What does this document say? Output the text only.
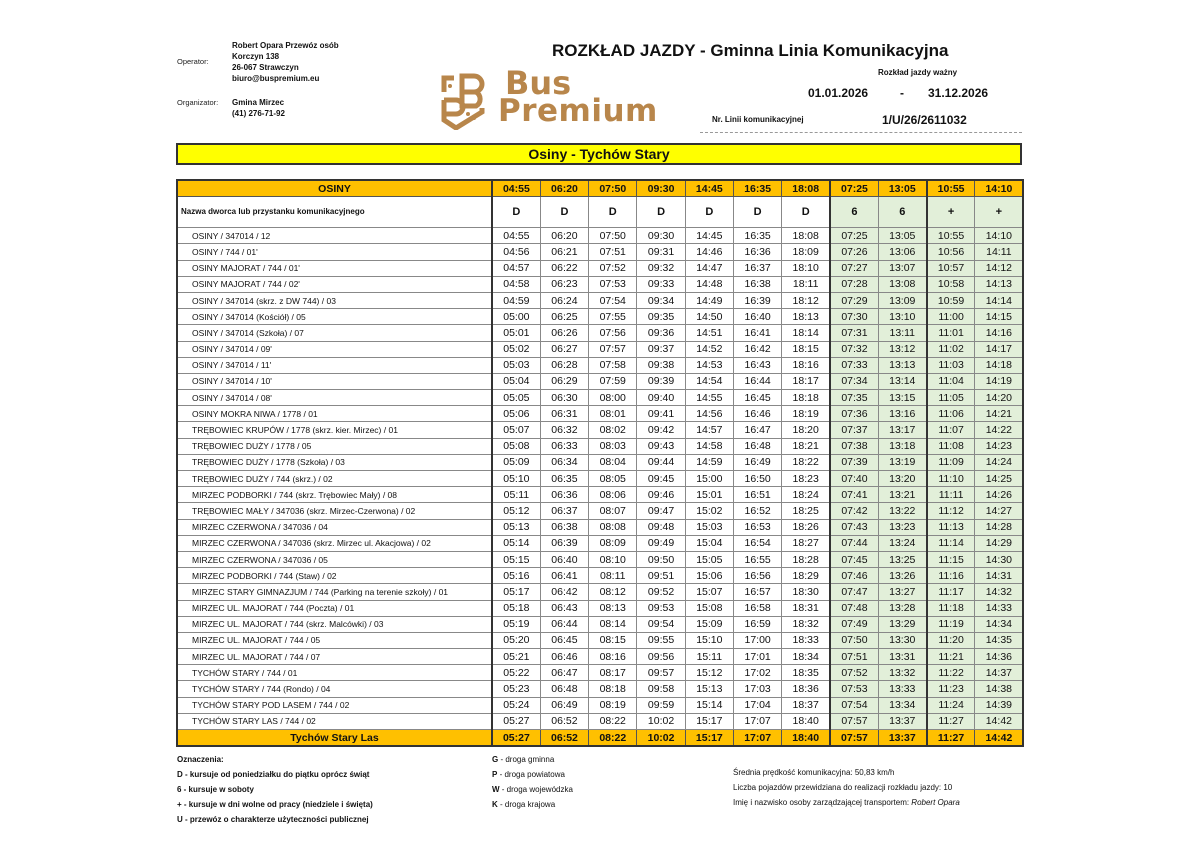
Operator:
Robert Opara Przewóz osób
Korczyn 138
26-067 Strawczyn
biuro@buspremium.eu
Organizator: Gmina Mirzec
(41) 276-71-92
Bus
Premium
ROZKŁAD JAZDY - Gminna Linia Komunikacyjna
Rozkład jazdy ważny
01.01.2026	- 31.12.2026
Nr. Linii komunikacyjnej	1/U/26/2611032
Osiny - Tychów Stary
OSINY	04:55	06:20	07:50	09:30	14:45	16:35	18:08	07:25	13:05	10:55	14:10
Nazwa dworca lub przystanku komunikacyjnego	D	D	D	D	D	D	D	6	6	+	+
OSINY / 347014 / 12	04:55	06:20	07:50	09:30	14:45	16:35	18:08	07:25	13:05	10:55	14:10
OSINY / 744 / 01'	04:56	06:21	07:51	09:31	14:46	16:36	18:09	07:26	13:06	10:56	14:11
OSINY MAJORAT / 744 / 01'	04:57	06:22	07:52	09:32	14:47	16:37	18:10	07:27	13:07	10:57	14:12
OSINY MAJORAT / 744 / 02'	04:58	06:23	07:53	09:33	14:48	16:38	18:11	07:28	13:08	10:58	14:13
OSINY / 347014 (skrz. z DW 744) / 03	04:59	06:24	07:54	09:34	14:49	16:39	18:12	07:29	13:09	10:59	14:14
OSINY / 347014 (Kościół) / 05	05:00	06:25	07:55	09:35	14:50	16:40	18:13	07:30	13:10	11:00	14:15
OSINY / 347014 (Szkoła) / 07	05:01	06:26	07:56	09:36	14:51	16:41	18:14	07:31	13:11	11:01	14:16
OSINY / 347014 / 09'	05:02	06:27	07:57	09:37	14:52	16:42	18:15	07:32	13:12	11:02	14:17
OSINY / 347014 / 11'	05:03	06:28	07:58	09:38	14:53	16:43	18:16	07:33	13:13	11:03	14:18
OSINY / 347014 / 10'	05:04	06:29	07:59	09:39	14:54	16:44	18:17	07:34	13:14	11:04	14:19
OSINY / 347014 / 08'	05:05	06:30	08:00	09:40	14:55	16:45	18:18	07:35	13:15	11:05	14:20
OSINY MOKRA NIWA / 1778 / 01	05:06	06:31	08:01	09:41	14:56	16:46	18:19	07:36	13:16	11:06	14:21
TRĘBOWIEC KRUPÓW / 1778 (skrz. kier. Mirzec) / 01	05:07	06:32	08:02	09:42	14:57	16:47	18:20	07:37	13:17	11:07	14:22
TRĘBOWIEC DUŻY / 1778 / 05	05:08	06:33	08:03	09:43	14:58	16:48	18:21	07:38	13:18	11:08	14:23
TRĘBOWIEC DUŻY / 1778 (Szkoła) / 03	05:09	06:34	08:04	09:44	14:59	16:49	18:22	07:39	13:19	11:09	14:24
TRĘBOWIEC DUŻY / 744 (skrz.) / 02	05:10	06:35	08:05	09:45	15:00	16:50	18:23	07:40	13:20	11:10	14:25
MIRZEC PODBORKI / 744 (skrz. Trębowiec Mały) / 08	05:11	06:36	08:06	09:46	15:01	16:51	18:24	07:41	13:21	11:11	14:26
TRĘBOWIEC MAŁY / 347036 (skrz. Mirzec-Czerwona) / 02	05:12	06:37	08:07	09:47	15:02	16:52	18:25	07:42	13:22	11:12	14:27
MIRZEC CZERWONA / 347036 / 04	05:13	06:38	08:08	09:48	15:03	16:53	18:26	07:43	13:23	11:13	14:28
MIRZEC CZERWONA / 347036 (skrz. Mirzec ul. Akacjowa) / 02	05:14	06:39	08:09	09:49	15:04	16:54	18:27	07:44	13:24	11:14	14:29
MIRZEC CZERWONA / 347036 / 05	05:15	06:40	08:10	09:50	15:05	16:55	18:28	07:45	13:25	11:15	14:30
MIRZEC PODBORKI / 744 (Staw) / 02	05:16	06:41	08:11	09:51	15:06	16:56	18:29	07:46	13:26	11:16	14:31
MIRZEC STARY GIMNAZJUM / 744 (Parking na terenie szkoły) / 01	05:17	06:42	08:12	09:52	15:07	16:57	18:30	07:47	13:27	11:17	14:32
MIRZEC UL. MAJORAT / 744 (Poczta) / 01	05:18	06:43	08:13	09:53	15:08	16:58	18:31	07:48	13:28	11:18	14:33
MIRZEC UL. MAJORAT / 744 (skrz. Malcówki) / 03	05:19	06:44	08:14	09:54	15:09	16:59	18:32	07:49	13:29	11:19	14:34
MIRZEC UL. MAJORAT / 744 / 05	05:20	06:45	08:15	09:55	15:10	17:00	18:33	07:50	13:30	11:20	14:35
MIRZEC UL. MAJORAT / 744 / 07	05:21	06:46	08:16	09:56	15:11	17:01	18:34	07:51	13:31	11:21	14:36
TYCHÓW STARY / 744 / 01	05:22	06:47	08:17	09:57	15:12	17:02	18:35	07:52	13:32	11:22	14:37
TYCHÓW STARY / 744 (Rondo) / 04	05:23	06:48	08:18	09:58	15:13	17:03	18:36	07:53	13:33	11:23	14:38
TYCHÓW STARY POD LASEM / 744 / 02	05:24	06:49	08:19	09:59	15:14	17:04	18:37	07:54	13:34	11:24	14:39
TYCHÓW STARY LAS / 744 / 02	05:27	06:52	08:22	10:02	15:17	17:07	18:40	07:57	13:37	11:27	14:42
Tychów Stary Las	05:27	06:52	08:22	10:02	15:17	17:07	18:40	07:57	13:37	11:27	14:42
Oznaczenia:
D - kursuje od poniedziałku do piątku oprócz świąt
6 - kursuje w soboty
+ - kursuje w dni wolne od pracy (niedziele i święta)
U - przewóz o charakterze użyteczności publicznej
G - droga gminna
P - droga powiatowa
W - droga wojewódzka
K - droga krajowa
Średnia prędkość komunikacyjna: 50,83 km/h
Liczba pojazdów przewidziana do realizacji rozkładu jazdy: 10
Imię i nazwisko osoby zarządzającej transportem: Robert Opara
